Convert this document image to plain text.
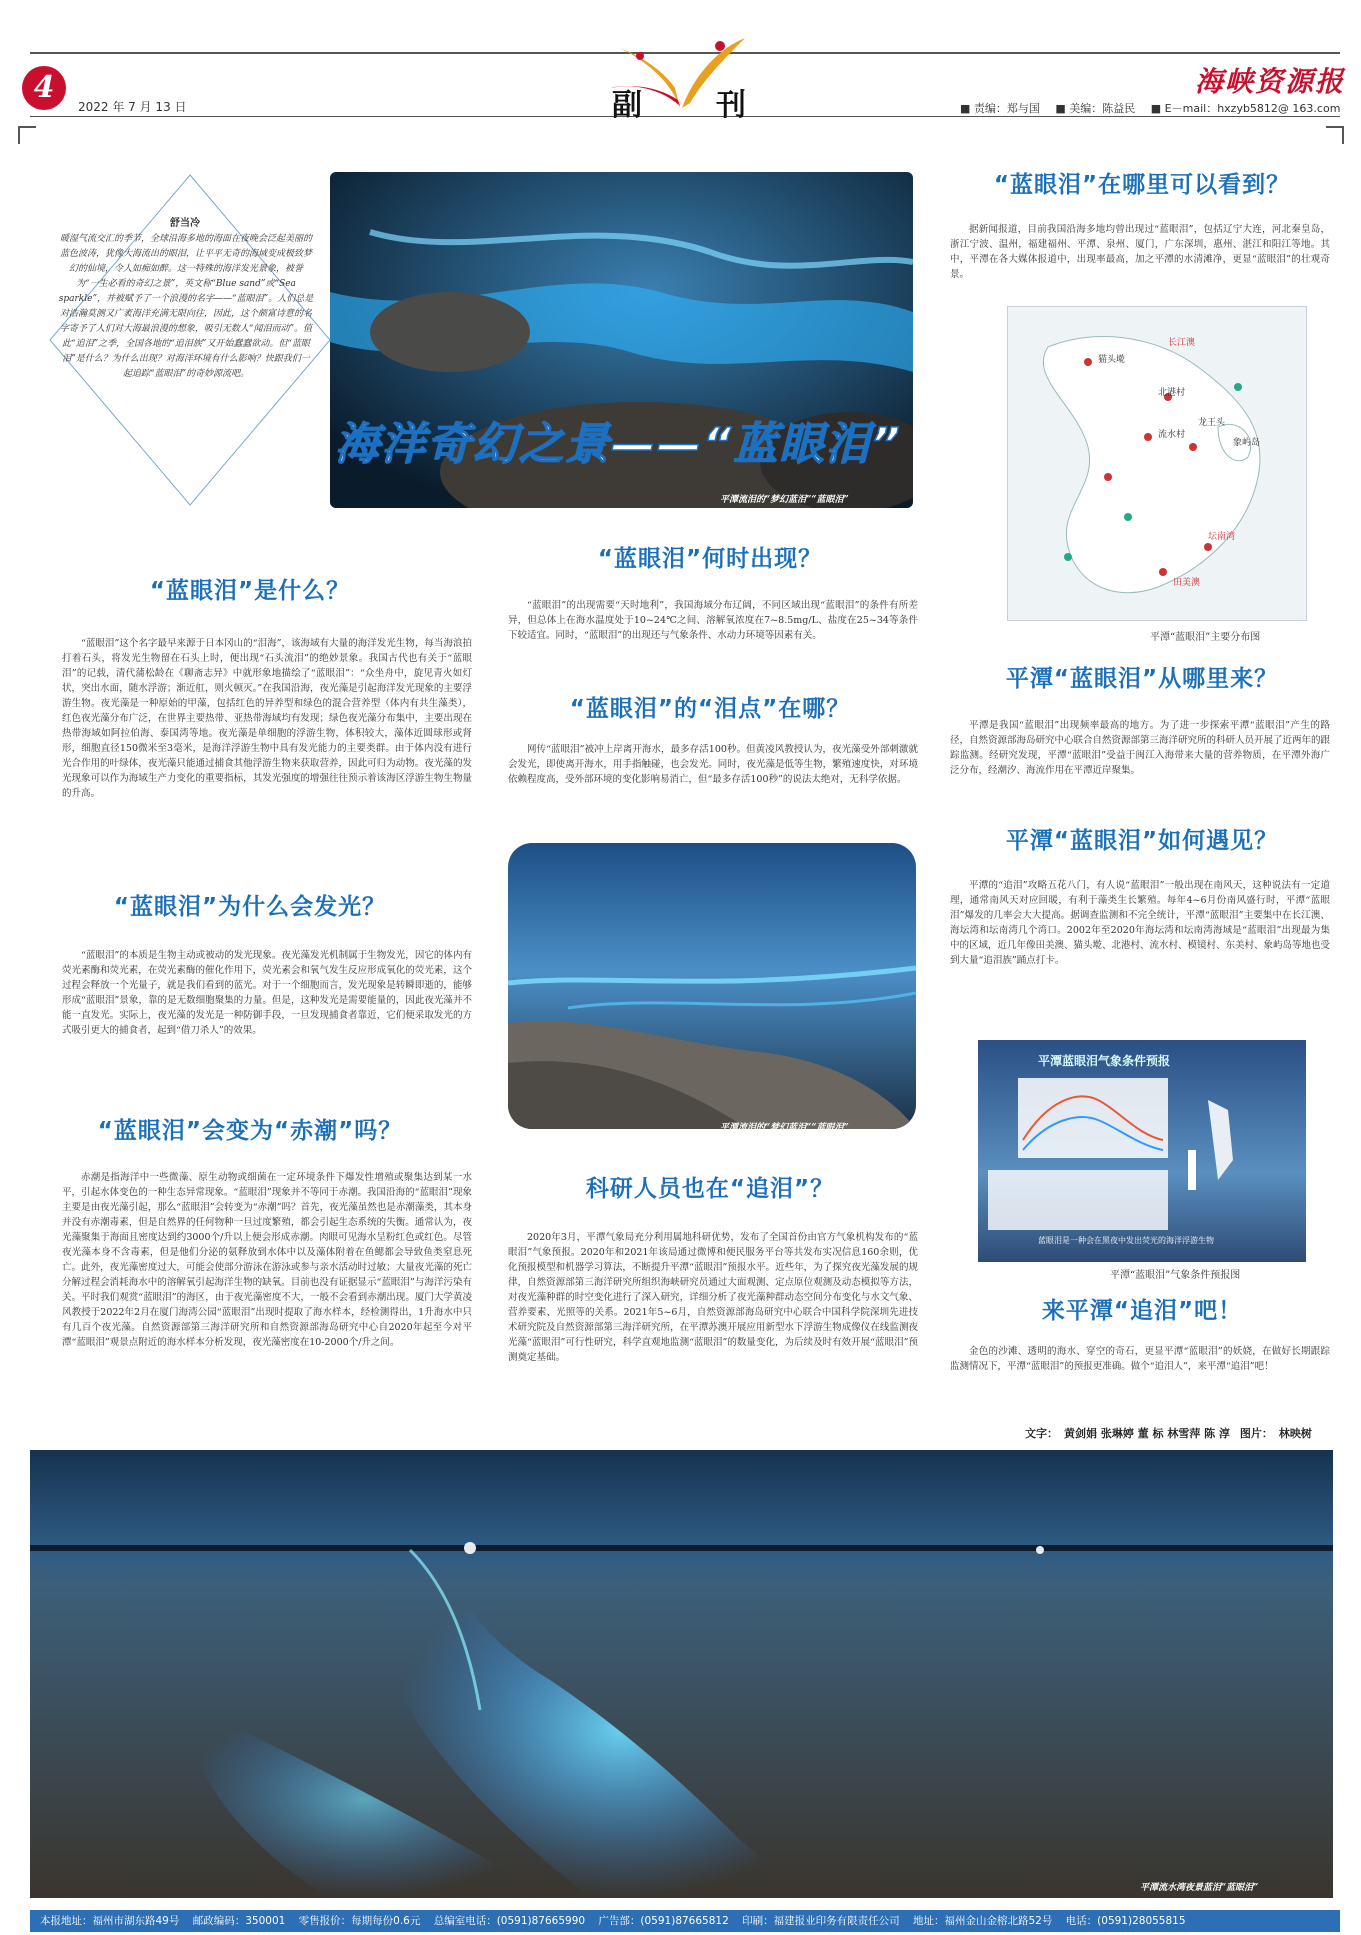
4
2022 年 7 月 13 日	副 刊
海峡资源报
■ 责编：郑与国 ■ 美编：陈益民 ■ E－mail：hxzyb5812@ 163.com
舒当冷
暖湿气流交汇的季节，全球沿海多地的海面在夜晚会泛起美丽的蓝色波涛，犹像大海流出的眼泪，让平平无奇的海域变成极致梦幻的仙境，令人如痴如醉。这一特殊的海洋发光景象，被誉为“一生必看的奇幻之景”，英文称“Blue sand”或“Sea sparkle”，并被赋予了一个浪漫的名字——“蓝眼泪”。人们总是对浩瀚莫测又广袤海洋充满无限向往，因此，这个颇富诗意的名字寄予了人们对大海最浪漫的想象，吸引无数人“闻泪而动”。值此“追泪”之季，全国各地的“追泪族”又开始蠢蠢欲动。但“蓝眼泪”是什么？为什么出现？对海洋环境有什么影响？快跟我们一起追踪“蓝眼泪”的奇妙源流吧。
海洋奇幻之景——“蓝眼泪”
平潭流泪的“梦幻蓝泪”“蓝眼泪”
“蓝眼泪”是什么？
“蓝眼泪”这个名字最早来源于日本冈山的“泪海”，该海域有大量的海洋发光生物，每当海浪拍打着石头，将发光生物留在石头上时，便出现“石头流泪”的绝妙景象。我国古代也有关于“蓝眼泪”的记载，清代蒲松龄在《聊斋志异》中就形象地描绘了“蓝眼泪”：“众坐舟中，旋见青火如灯状，突出水面，随水浮游；渐近舡，则火顿灭。”在我国沿海，夜光藻是引起海洋发光现象的主要浮游生物。夜光藻是一种原始的甲藻，包括红色的异养型和绿色的混合营养型（体内有共生藻类），红色夜光藻分布广泛，在世界主要热带、亚热带海域均有发现；绿色夜光藻分布集中，主要出现在热带海域如阿拉伯海、泰国湾等地。夜光藻是单细胞的浮游生物，体积较大，藻体近圆球形或肾形，细胞直径150微米至3毫米，是海洋浮游生物中具有发光能力的主要类群。由于体内没有进行光合作用的叶绿体，夜光藻只能通过捕食其他浮游生物来获取营养，因此可归为动物。夜光藻的发光现象可以作为海域生产力变化的重要指标，其发光强度的增强往往预示着该海区浮游生物生物量的升高。
“蓝眼泪”为什么会发光？
“蓝眼泪”的本质是生物主动或被动的发光现象。夜光藻发光机制属于生物发光，因它的体内有荧光素酶和荧光素，在荧光素酶的催化作用下，荧光素会和氧气发生反应形成氧化的荧光素，这个过程会释放一个光量子，就是我们看到的蓝光。对于一个细胞而言，发光现象是转瞬即逝的，能够形成“蓝眼泪”景象，靠的是无数细胞聚集的力量。但是，这种发光是需要能量的，因此夜光藻并不能一直发光。实际上，夜光藻的发光是一种防御手段，一旦发现捕食者靠近，它们便采取发光的方式吸引更大的捕食者，起到“借刀杀人”的效果。
“蓝眼泪”会变为“赤潮”吗？
赤潮是指海洋中一些微藻、原生动物或细菌在一定环境条件下爆发性增殖或聚集达到某一水平，引起水体变色的一种生态异常现象。“蓝眼泪”现象并不等同于赤潮。我国沿海的“蓝眼泪”现象主要是由夜光藻引起，那么“蓝眼泪”会转变为“赤潮”吗？首先，夜光藻虽然也是赤潮藻类，其本身并没有赤潮毒素，但是自然界的任何物种一旦过度繁殖，都会引起生态系统的失衡。通常认为，夜光藻聚集于海面且密度达到约3000个/升以上便会形成赤潮。肉眼可见海水呈粉红色或红色。尽管夜光藻本身不含毒素，但是他们分泌的氨释放到水体中以及藻体附着在鱼鳃都会导致鱼类窒息死亡。此外，夜光藻密度过大，可能会使部分游泳在游泳或参与亲水活动时过敏；大量夜光藻的死亡分解过程会消耗海水中的溶解氧引起海洋生物的缺氧。目前也没有证据显示“蓝眼泪”与海洋污染有关。平时我们观赏“蓝眼泪”的海区，由于夜光藻密度不大，一般不会看到赤潮出现。厦门大学黄凌风教授于2022年2月在厦门海湾公园“蓝眼泪”出现时提取了海水样本，经检测得出，1升海水中只有几百个夜光藻。自然资源部第三海洋研究所和自然资源部海岛研究中心自2020年起至今对平潭“蓝眼泪”观景点附近的海水样本分析发现，夜光藻密度在10-2000个/升之间。
“蓝眼泪”何时出现？
“蓝眼泪”的出现需要“天时地利”，我国海域分布辽阔，不同区域出现“蓝眼泪”的条件有所差异，但总体上在海水温度处于10~24℃之间、溶解氧浓度在7~8.5mg/L、盐度在25~34等条件下较适宜。同时，“蓝眼泪”的出现还与气象条件、水动力环境等因素有关。
“蓝眼泪”的“泪点”在哪？
网传“蓝眼泪”被冲上岸离开海水，最多存活100秒。但黄凌风教授认为，夜光藻受外部刺激就会发光，即使离开海水，用手指触碰，也会发光。同时，夜光藻是低等生物，繁殖速度快，对环境依赖程度高，受外部环境的变化影响易消亡，但“最多存活100秒”的说法太绝对，无科学依据。
平潭流泪的“梦幻蓝泪”“蓝眼泪”
科研人员也在“追泪”？
2020年3月，平潭气象局充分利用属地科研优势，发布了全国首份由官方气象机构发布的“蓝眼泪”气象预报。2020年和2021年该局通过微博和便民服务平台等共发布实况信息160余则，优化预报模型和机器学习算法，不断提升平潭“蓝眼泪”预报水平。近些年，为了探究夜光藻发展的规律，自然资源部第三海洋研究所组织海峡研究员通过大面观测、定点原位观测及动态模拟等方法，对夜光藻种群的时空变化进行了深入研究，详细分析了夜光藻种群动态空间分布变化与水文气象、营养要素、光照等的关系。2021年5~6月，自然资源部海岛研究中心联合中国科学院深圳先进技术研究院及自然资源部第三海洋研究所，在平潭苏澳开展应用新型水下浮游生物成像仪在线监测夜光藻“蓝眼泪”可行性研究，科学直观地监测“蓝眼泪”的数量变化，为后续及时有效开展“蓝眼泪”预测奠定基础。
“蓝眼泪”在哪里可以看到？
据新闻报道，目前我国沿海多地均曾出现过“蓝眼泪”，包括辽宁大连，河北秦皇岛，浙江宁波、温州，福建福州、平潭、泉州、厦门，广东深圳，惠州、湛江和阳江等地。其中，平潭在各大媒体报道中，出现率最高，加之平潭的水清滩净，更显“蓝眼泪”的壮观奇景。
长江澳
猫头墘
北港村
流水村
龙王头
象屿岛
坛南湾
田美澳
平潭“蓝眼泪”主要分布图
平潭“蓝眼泪”从哪里来？
平潭是我国“蓝眼泪”出现频率最高的地方。为了进一步探索平潭“蓝眼泪”产生的路径，自然资源部海岛研究中心联合自然资源部第三海洋研究所的科研人员开展了近两年的跟踪监测。经研究发现，平潭“蓝眼泪”受益于闽江入海带来大量的营养物质，在平潭外海广泛分布，经潮汐、海流作用在平潭近岸聚集。
平潭“蓝眼泪”如何遇见？
平潭的“追泪”攻略五花八门，有人说“蓝眼泪”一般出现在南风天，这种说法有一定道理，通常南风天对应回暖，有利于藻类生长繁殖。每年4~6月份南风盛行时，平潭“蓝眼泪”爆发的几率会大大提高。据调查监测和不完全统计，平潭“蓝眼泪”主要集中在长江澳、海坛湾和坛南湾几个湾口。2002年至2020年海坛湾和坛南湾海域是“蓝眼泪”出现最为集中的区域，近几年像田美澳、猫头墘、北港村、流水村、模镜村、东美村、象屿岛等地也受到大量“追泪族”踊点打卡。
平潭蓝眼泪气象条件预报
蓝眼泪是一种会在黑夜中发出荧光的海洋浮游生物
平潭“蓝眼泪”气象条件预报图
来平潭“追泪”吧！
金色的沙滩、透明的海水、穿空的奇石，更显平潭“蓝眼泪”的妖娆，在做好长期跟踪监测情况下，平潭“蓝眼泪”的预报更准确。做个“追泪人”，来平潭“追泪”吧！
文字： 黄剑娟 张琳婷 董 标 林雪萍 陈 淳 图片： 林映树
平潭流水湾夜景蓝泪“蓝眼泪”
本报地址：福州市湖东路49号 邮政编码：350001 零售报价：每期每份0.6元 总编室电话：(0591)87665990 广告部：(0591)87665812 印刷：福建报业印务有限责任公司 地址：福州金山金榕北路52号 电话：(0591)28055815
